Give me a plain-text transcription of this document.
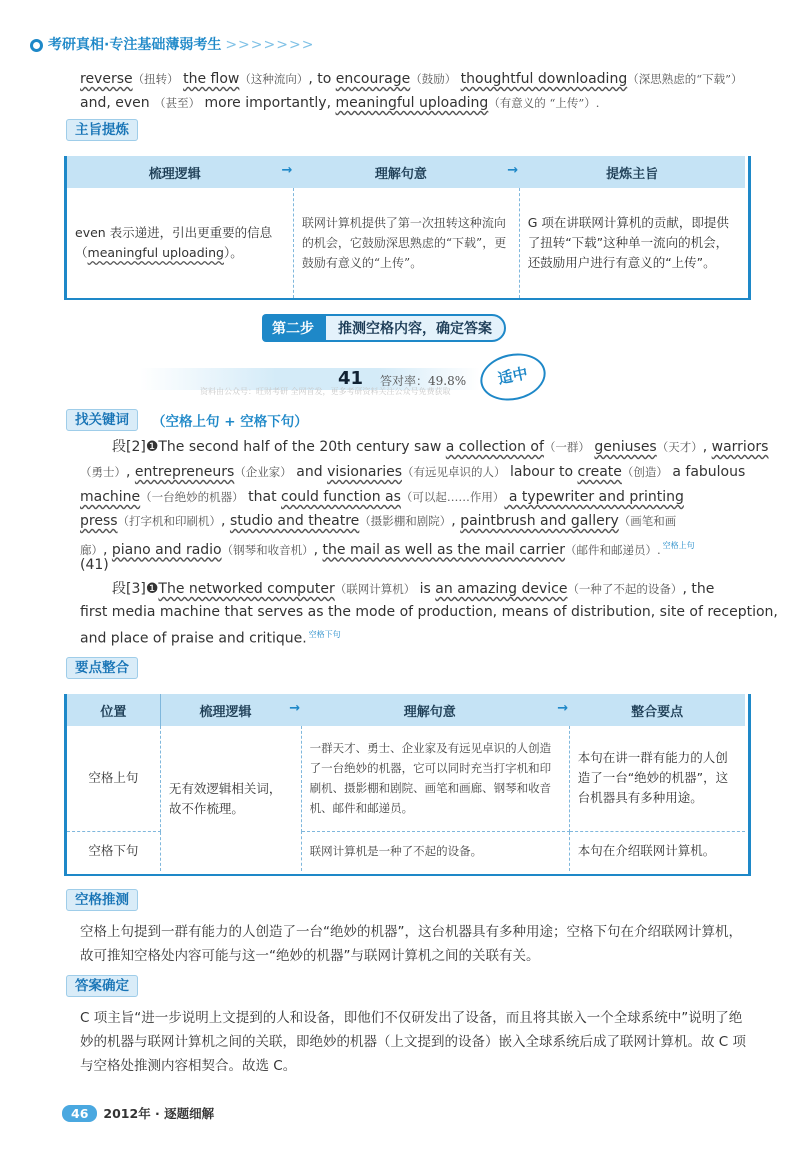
考研真相·专注基础薄弱考生 >>>>>>>
reverse（扭转） the flow（这种流向）, to encourage（鼓励） thoughtful downloading（深思熟虑的“下载”）
and, even （甚至） more importantly, meaningful uploading（有意义的 “上传”）.
主旨提炼
梳理逻辑 →	理解句意 →	提炼主旨
even 表示递进，引出更重要的信息（meaningful uploading）。	联网计算机提供了第一次扭转这种流向的机会，它鼓励深思熟虑的“下载”，更鼓励有意义的“上传”。	G 项在讲联网计算机的贡献，即提供了扭转“下载”这种单一流向的机会，还鼓励用户进行有意义的“上传”。
第二步 推测空格内容，确定答案
41 答对率：49.8%	适中
资料由公众号：旺财考研 全网首发，更多考研资料关注公众号免费获取
找关键词	（空格上句 + 空格下句）
段[2]❶The second half of the 20th century saw a collection of（一群） geniuses（天才）, warriors
（勇士）, entrepreneurs（企业家） and visionaries（有远见卓识的人） labour to create（创造） a fabulous
machine（一台绝妙的机器） that could function as（可以起……作用） a typewriter and printing
press（打字机和印刷机）, studio and theatre（摄影棚和剧院）, paintbrush and gallery（画笔和画
廊）, piano and radio（钢琴和收音机）, the mail as well as the mail carrier（邮件和邮递员）. $^{空格上句}$
(41)
段[3]❶The networked computer（联网计算机） is an amazing device（一种了不起的设备）, the
first media machine that serves as the mode of production, means of distribution, site of reception,
and place of praise and critique. $^{空格下句}$
要点整合
位置	梳理逻辑 →	理解句意 →	整合要点
空格上句	无有效逻辑相关词，故不作梳理。	一群天才、勇士、企业家及有远见卓识的人创造了一台绝妙的机器，它可以同时充当打字机和印刷机、摄影棚和剧院、画笔和画廊、钢琴和收音机、邮件和邮递员。	本句在讲一群有能力的人创造了一台“绝妙的机器”，这台机器具有多种用途。
空格下句		联网计算机是一种了不起的设备。	本句在介绍联网计算机。
空格推测
空格上句提到一群有能力的人创造了一台“绝妙的机器”，这台机器具有多种用途；空格下句在介绍联网计算机，故可推知空格处内容可能与这一“绝妙的机器”与联网计算机之间的关联有关。
答案确定
C 项主旨“进一步说明上文提到的人和设备，即他们不仅研发出了设备，而且将其嵌入一个全球系统中”说明了绝妙的机器与联网计算机之间的关联，即绝妙的机器（上文提到的设备）嵌入全球系统后成了联网计算机。故 C 项与空格处推测内容相契合。故选 C。
46 2012年 · 逐题细解
